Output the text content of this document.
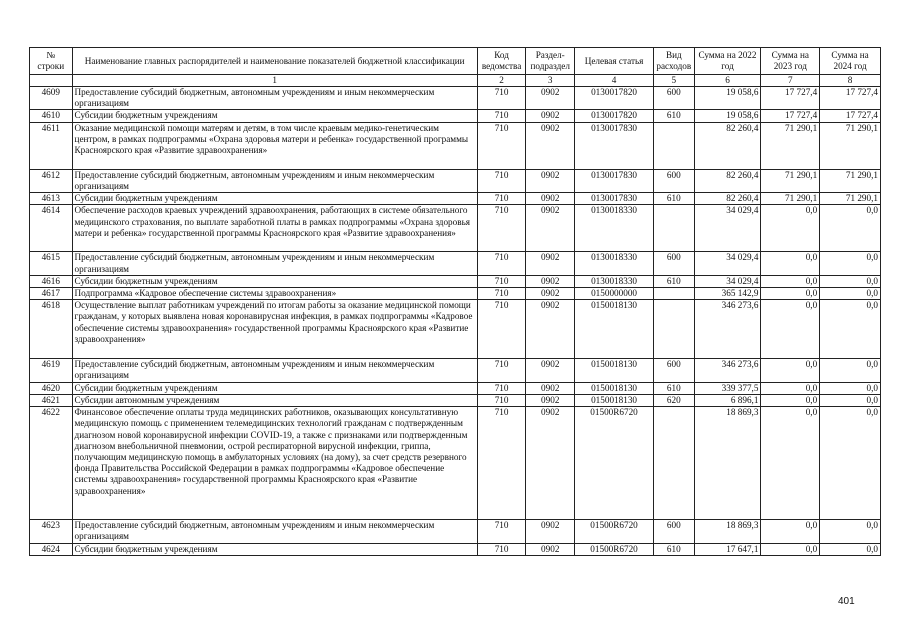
№ строки	Наименование главных распорядителей и наименование показателей бюджетной классификации	Код ведомства	Раздел-подраздел	Целевая статья	Вид расходов	Сумма на 2022 год	Сумма на 2023 год	Сумма на 2024 год
	1	2	3	4	5	6	7	8
4609	Предоставление субсидий бюджетным, автономным учреждениям и иным некоммерческим организациям	710	0902	0130017820	600	19 058,6	17 727,4	17 727,4
4610	Субсидии бюджетным учреждениям	710	0902	0130017820	610	19 058,6	17 727,4	17 727,4
4611	Оказание медицинской помощи матерям и детям, в том числе краевым медико-генетическим центром, в рамках подпрограммы «Охрана здоровья матери и ребенка» государственной программы Красноярского края «Развитие здравоохранения»	710	0902	0130017830		82 260,4	71 290,1	71 290,1
4612	Предоставление субсидий бюджетным, автономным учреждениям и иным некоммерческим организациям	710	0902	0130017830	600	82 260,4	71 290,1	71 290,1
4613	Субсидии бюджетным учреждениям	710	0902	0130017830	610	82 260,4	71 290,1	71 290,1
4614	Обеспечение расходов краевых учреждений здравоохранения, работающих в системе обязательного медицинского страхования, по выплате заработной платы в рамках подпрограммы «Охрана здоровья матери и ребенка» государственной программы Красноярского края «Развитие здравоохранения»	710	0902	0130018330		34 029,4	0,0	0,0
4615	Предоставление субсидий бюджетным, автономным учреждениям и иным некоммерческим организациям	710	0902	0130018330	600	34 029,4	0,0	0,0
4616	Субсидии бюджетным учреждениям	710	0902	0130018330	610	34 029,4	0,0	0,0
4617	Подпрограмма «Кадровое обеспечение системы здравоохранения»	710	0902	0150000000		365 142,9	0,0	0,0
4618	Осуществление выплат работникам учреждений по итогам работы за оказание медицинской помощи гражданам, у которых выявлена новая коронавирусная инфекция, в рамках подпрограммы «Кадровое обеспечение системы здравоохранения» государственной программы Красноярского края «Развитие здравоохранения»	710	0902	0150018130		346 273,6	0,0	0,0
4619	Предоставление субсидий бюджетным, автономным учреждениям и иным некоммерческим организациям	710	0902	0150018130	600	346 273,6	0,0	0,0
4620	Субсидии бюджетным учреждениям	710	0902	0150018130	610	339 377,5	0,0	0,0
4621	Субсидии автономным учреждениям	710	0902	0150018130	620	6 896,1	0,0	0,0
4622	Финансовое обеспечение оплаты труда медицинских работников, оказывающих консультативную медицинскую помощь с применением телемедицинских технологий гражданам с подтвержденным диагнозом новой коронавирусной инфекции COVID-19, а также с признаками или подтвержденным диагнозом внебольничной пневмонии, острой респираторной вирусной инфекции, гриппа, получающим медицинскую помощь в амбулаторных условиях (на дому), за счет средств резервного фонда Правительства Российской Федерации в рамках подпрограммы «Кадровое обеспечение системы здравоохранения» государственной программы Красноярского края «Развитие здравоохранения»	710	0902	01500R6720		18 869,3	0,0	0,0
4623	Предоставление субсидий бюджетным, автономным учреждениям и иным некоммерческим организациям	710	0902	01500R6720	600	18 869,3	0,0	0,0
4624	Субсидии бюджетным учреждениям	710	0902	01500R6720	610	17 647,1	0,0	0,0
401
